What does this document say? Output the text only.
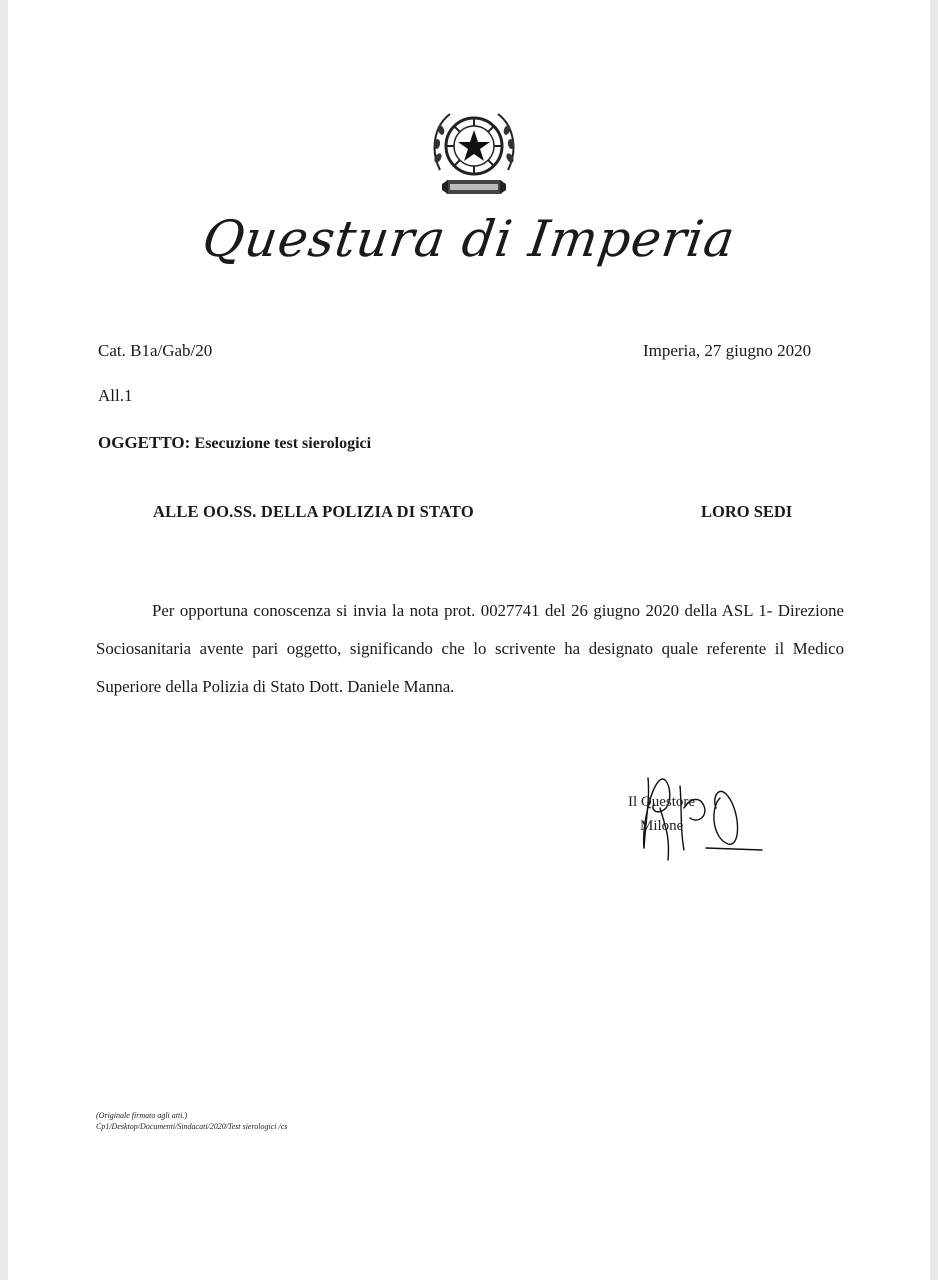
Questura di Imperia
Cat. B1a/Gab/20	Imperia, 27 giugno 2020
All.1
OGGETTO: Esecuzione test sierologici
ALLE OO.SS. DELLA POLIZIA DI STATO	LORO SEDI
Per opportuna conoscenza si invia la nota prot. 0027741 del 26 giugno 2020 della ASL 1- Direzione Sociosanitaria avente pari oggetto, significando che lo scrivente ha designato quale referente il Medico Superiore della Polizia di Stato Dott. Daniele Manna.
Il Questore
Milone
(Originale firmato agli atti.)
Cp1/Desktop/Documenti/Sindacati/2020/Test sierologici /cs
